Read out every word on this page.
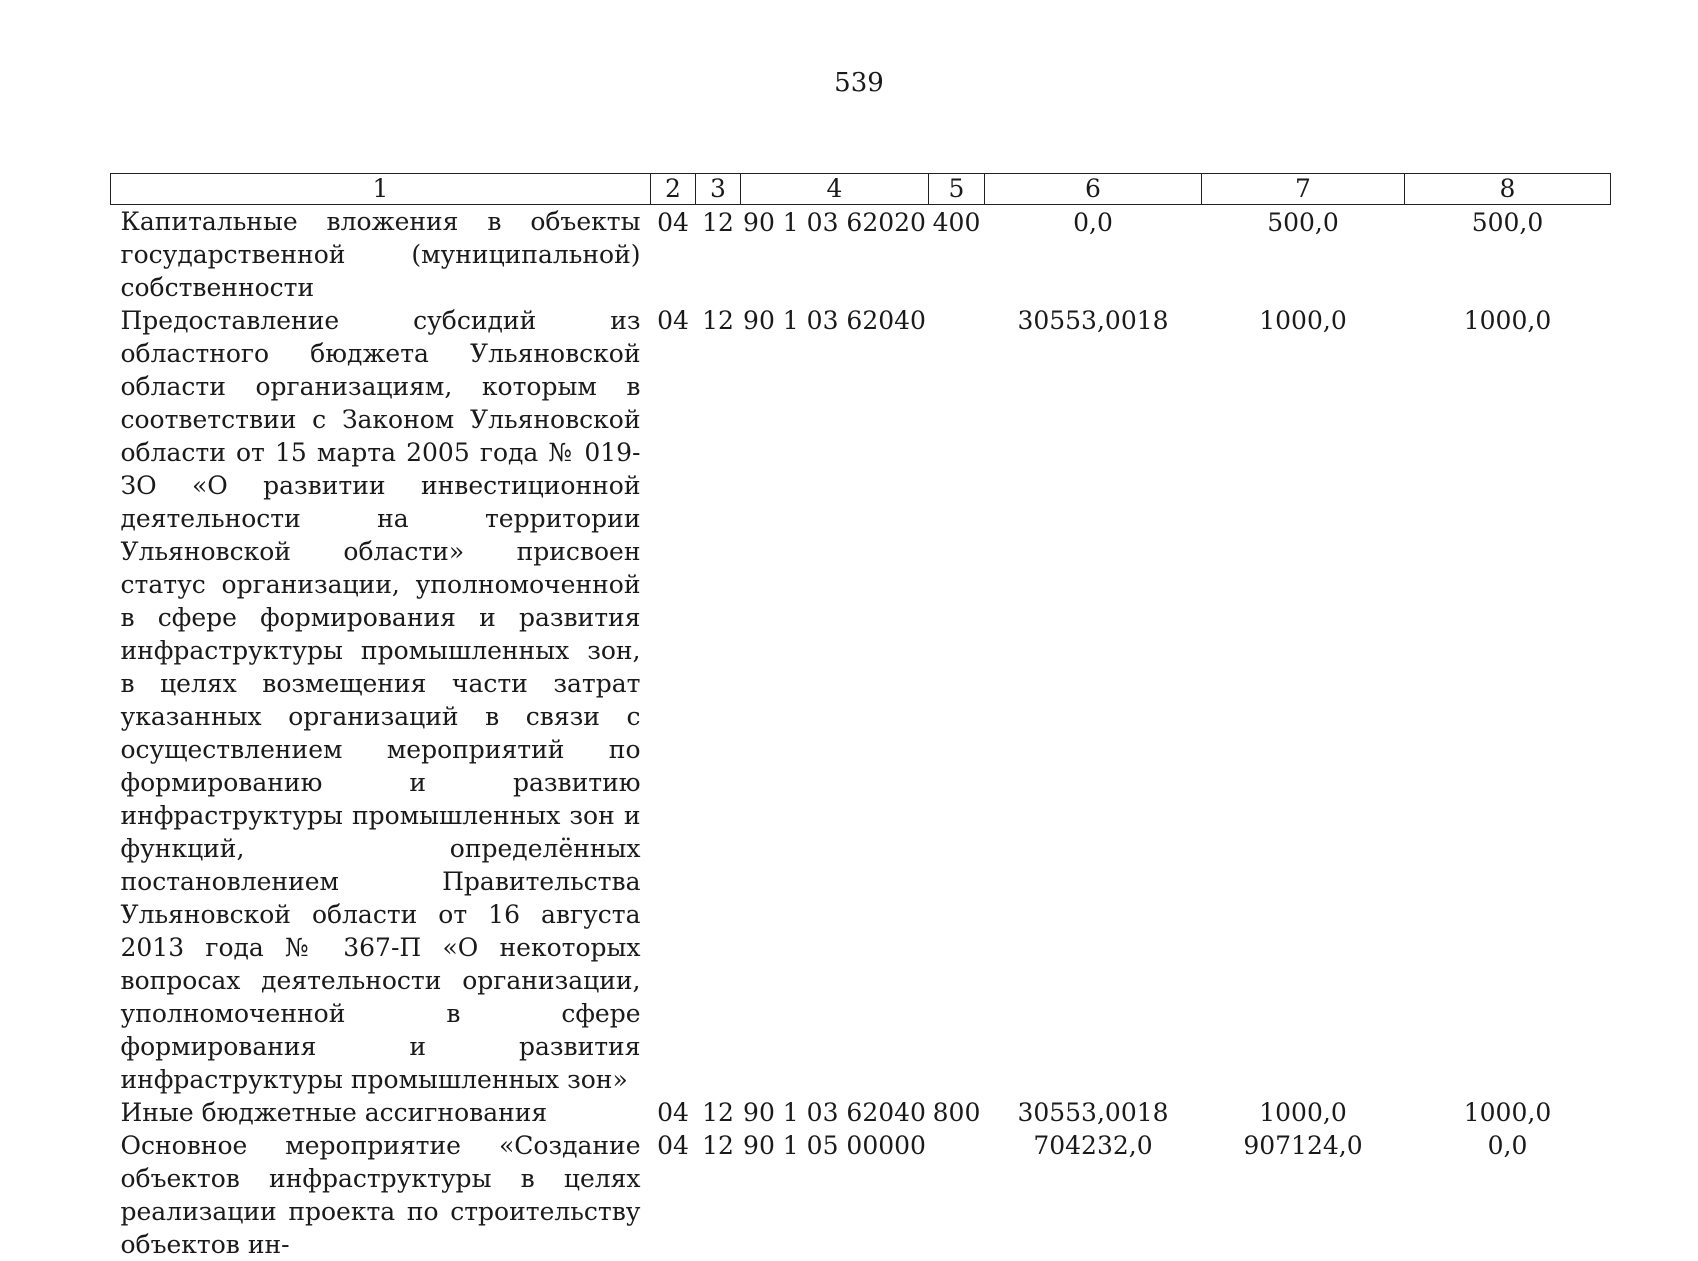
539
1	2	3	4	5	6	7	8
Капитальные вложения в объекты государственной (муниципальной) собственности	04	12	90 1 03 62020	400	0,0	500,0	500,0
Предоставление субсидий из областного бюджета Ульяновской области организациям, которым в соответствии с Законом Ульяновской области от 15 марта 2005 года № 019-ЗО «О развитии инвестиционной деятельности на территории Ульяновской области» присвоен статус организации, уполномоченной в сфере формирования и развития инфраструктуры промышленных зон, в целях возмещения части затрат указанных организаций в связи с осуществлением мероприятий по формированию и развитию инфраструктуры промышленных зон и функций, определённых постановлением Правительства Ульяновской области от 16 августа 2013 года № 367-П «О некоторых вопросах деятельности организации, уполномоченной в сфере формирования и развития инфраструктуры промышленных зон»	04	12	90 1 03 62040		30553,0018	1000,0	1000,0
Иные бюджетные ассигнования	04	12	90 1 03 62040	800	30553,0018	1000,0	1000,0
Основное мероприятие «Создание объектов инфраструктуры в целях реализации проекта по строительству объектов ин-	04	12	90 1 05 00000		704232,0	907124,0	0,0
